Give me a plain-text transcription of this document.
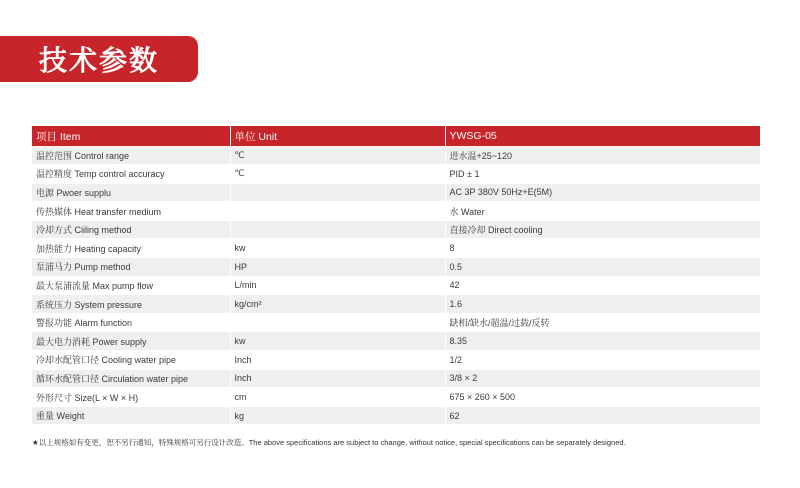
技术参数
项目 Item	单位 Unit	YWSG-05
温控范围 Control range	℃	进水温+25~120
温控精度 Temp control accuracy	℃	PID ± 1
电源 Pwoer supplu		AC 3P 380V 50Hz+E(5M)
传热媒体 Heat transfer medium		水 Water
冷却方式 Ciiling method		直接冷却 Direct cooling
加热能力 Heating capacity	kw	8
泵浦马力 Pump method	HP	0.5
最大泵浦流量 Max pump flow	L/min	42
系统压力 System pressure	kg/cm²	1.6
警报功能 Alarm function		缺相/缺水/超温/过载/反转
最大电力消耗 Power supply	kw	8.35
冷却水配管口径 Cooling water pipe	Inch	1/2
循环水配管口径 Circulation water pipe	Inch	3/8 × 2
外形尺寸 Size(L × W × H)	cm	675 × 260 × 500
重量 Weight	kg	62
★以上规格如有变更，恕不另行通知，特殊规格可另行设计改造。The above specifications are subject to change, without notice, special specifications can be separately designed.
